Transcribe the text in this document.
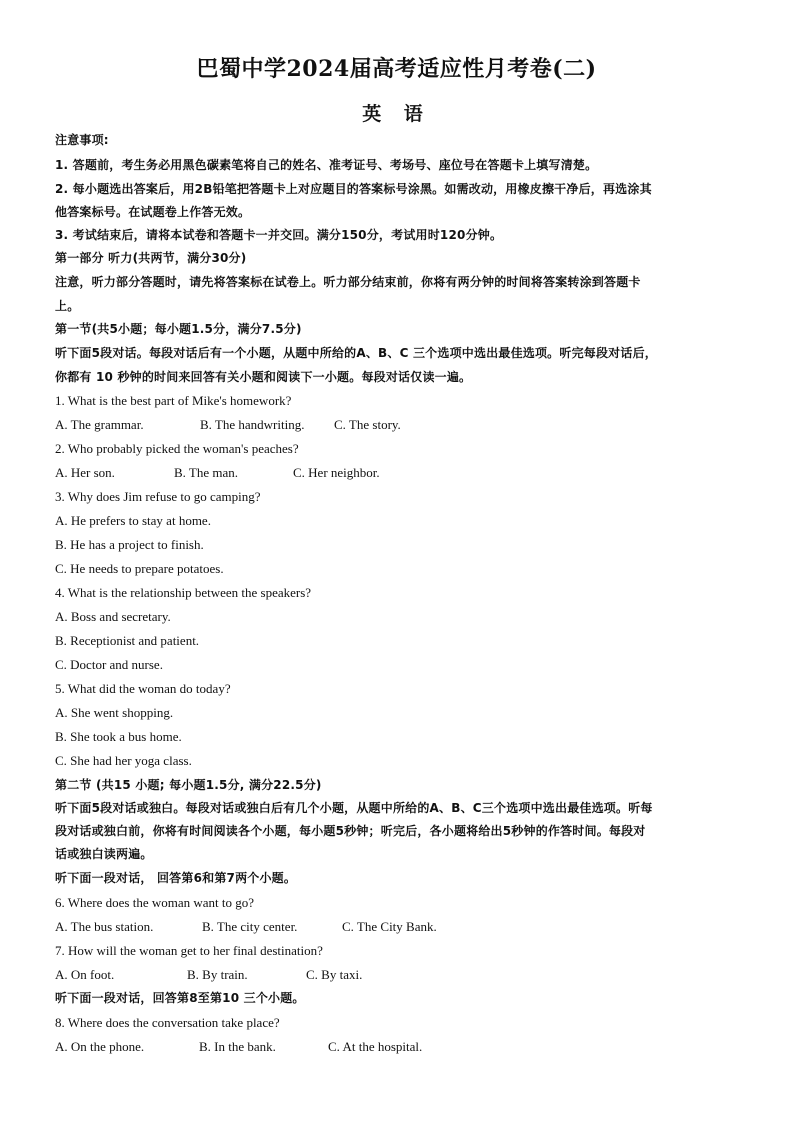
巴蜀中学2024届高考适应性月考卷(二)
英 语
注意事项:
1. 答题前，考生务必用黑色碳素笔将自己的姓名、准考证号、考场号、座位号在答题卡上填写清楚。
2. 每小题选出答案后，用2B铅笔把答题卡上对应题目的答案标号涂黑。如需改动，用橡皮擦干净后，再选涂其
他答案标号。在试题卷上作答无效。
3. 考试结束后，请将本试卷和答题卡一并交回。满分150分，考试用时120分钟。
第一部分 听力(共两节，满分30分)
注意，听力部分答题时，请先将答案标在试卷上。听力部分结束前，你将有两分钟的时间将答案转涂到答题卡
上。
第一节(共5小题；每小题1.5分，满分7.5分)
听下面5段对话。每段对话后有一个小题，从题中所给的A、B、C 三个选项中选出最佳选项。听完每段对话后，
你都有 10 秒钟的时间来回答有关小题和阅读下一小题。每段对话仅读一遍。
1. What is the best part of Mike's homework?
A. The grammar.	B. The handwriting. C. The story.
2. Who probably picked the woman's peaches?
A. Her son.	B. The man.	C. Her neighbor.
3. Why does Jim refuse to go camping?
A. He prefers to stay at home.
B. He has a project to finish.
C. He needs to prepare potatoes.
4. What is the relationship between the speakers?
A. Boss and secretary.
B. Receptionist and patient.
C. Doctor and nurse.
5. What did the woman do today?
A. She went shopping.
B. She took a bus home.
C. She had her yoga class.
第二节 (共15 小题; 每小题1.5分, 满分22.5分)
听下面5段对话或独白。每段对话或独白后有几个小题，从题中所给的A、B、C三个选项中选出最佳选项。听每
段对话或独白前，你将有时间阅读各个小题，每小题5秒钟；听完后，各小题将给出5秒钟的作答时间。每段对
话或独白读两遍。
听下面一段对话， 回答第6和第7两个小题。
6. Where does the woman want to go?
A. The bus station.	B. The city center.	C. The City Bank.
7. How will the woman get to her final destination?
A. On foot.	B. By train.	C. By taxi.
听下面一段对话，回答第8至第10 三个小题。
8. Where does the conversation take place?
A. On the phone.	B. In the bank.	C. At the hospital.
